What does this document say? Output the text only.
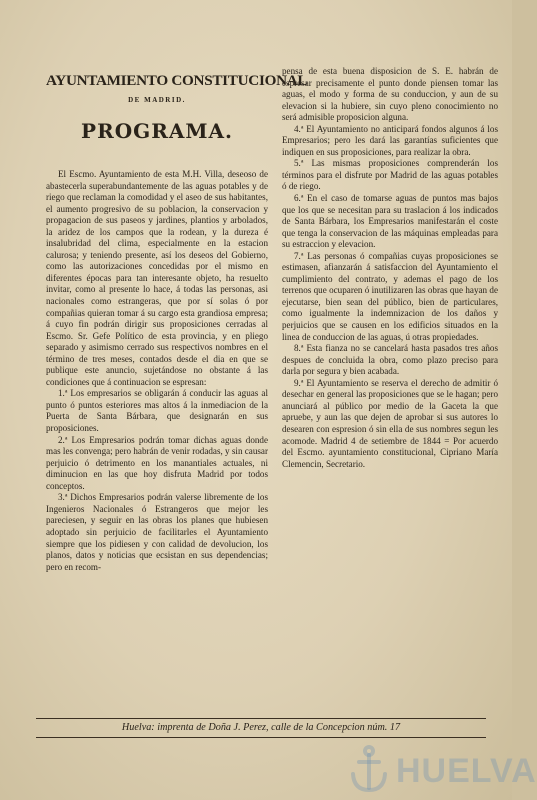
AYUNTAMIENTO CONSTITUCIONAL
DE MADRID.
PROGRAMA.

El Escmo. Ayuntamiento de esta M.H. Villa, deseoso de abastecerla superabundantemente de las aguas potables y de riego que reclaman la comodidad y el aseo de sus habitantes, el aumento progresivo de su poblacion, la conservacion y propagacion de sus paseos y jardines, plantios y arbolados, la aridez de los campos que la rodean, y la dureza é insalubridad del clima, especialmente en la estacion calurosa; y teniendo presente, así los deseos del Gobierno, como las autorizaciones concedidas por el mismo en diferentes épocas para tan interesante objeto, ha resuelto invitar, como al presente lo hace, á todas las personas, asi nacionales como estrangeras, que por sí solas ó por compañias quieran tomar á su cargo esta grandiosa empresa; á cuyo fin podrán dirigir sus proposiciones cerradas al Escmo. Sr. Gefe Político de esta provincia, y en pliego separado y asimismo cerrado sus respectivos nombres en el término de tres meses, contados desde el dia en que se publique este anuncio, sujetándose no obstante á las condiciones que á continuacion se espresan:

1.ª Los empresarios se obligarán á conducir las aguas al punto ó puntos esteriores mas altos á la inmediacion de la Puerta de Santa Bárbara, que designarán en sus proposiciones.

2.ª Los Empresarios podrán tomar dichas aguas donde mas les convenga; pero habrán de venir rodadas, y sin causar perjuicio ó detrimento en los manantiales actuales, ni diminucion en las que hoy disfruta Madrid por todos conceptos.

3.ª Dichos Empresarios podrán valerse libremente de los Ingenieros Nacionales ó Estrangeros que mejor les pareciesen, y seguir en las obras los planes que hubiesen adoptado sin perjuicio de facilitarles el Ayuntamiento siempre que los pidiesen y con calidad de devolucion, los planos, datos y noticias que ecsistan en sus dependencias; pero en recom-

pensa de esta buena disposicion de S. E. habrán de espresar precisamente el punto donde piensen tomar las aguas, el modo y forma de su conduccion, y aun de su elevacion si la hubiere, sin cuyo pleno conocimiento no será admisible proposicion alguna.

4.ª El Ayuntamiento no anticipará fondos algunos á los Empresarios; pero les dará las garantías suficientes que indiquen en sus proposiciones, para realizar la obra.

5.ª Las mismas proposiciones comprenderán los términos para el disfrute por Madrid de las aguas potables ó de riego.

6.ª En el caso de tomarse aguas de puntos mas bajos que los que se necesitan para su traslacion á los indicados de Santa Bárbara, los Empresarios manifestarán el coste que tenga la conservacion de las máquinas empleadas para su estraccion y elevacion.

7.ª Las personas ó compañias cuyas proposiciones se estimasen, afianzarán á satisfaccion del Ayuntamiento el cumplimiento del contrato, y ademas el pago de los terrenos que ocuparen ó inutilizaren las obras que hayan de ejecutarse, bien sean del público, bien de particulares, como igualmente la indemnizacion de los daños y perjuicios que se causen en los edificios situados en la linea de conduccion de las aguas, ú otras propiedades.

8.ª Esta fianza no se cancelará hasta pasados tres años despues de concluida la obra, como plazo preciso para darla por segura y bien acabada.

9.ª El Ayuntamiento se reserva el derecho de admitir ó desechar en general las proposiciones que se le hagan; pero anunciará al público por medio de la Gaceta la que apruebe, y aun las que dejen de aprobar si sus autores lo desearen con espresion ó sin ella de sus nombres segun les acomode. Madrid 4 de setiembre de 1844 = Por acuerdo del Escmo. ayuntamiento constitucional, Cipriano María Clemencin, Secretario.

Huelva: imprenta de Doña J. Perez, calle de la Concepcion núm. 17
HUELVA
